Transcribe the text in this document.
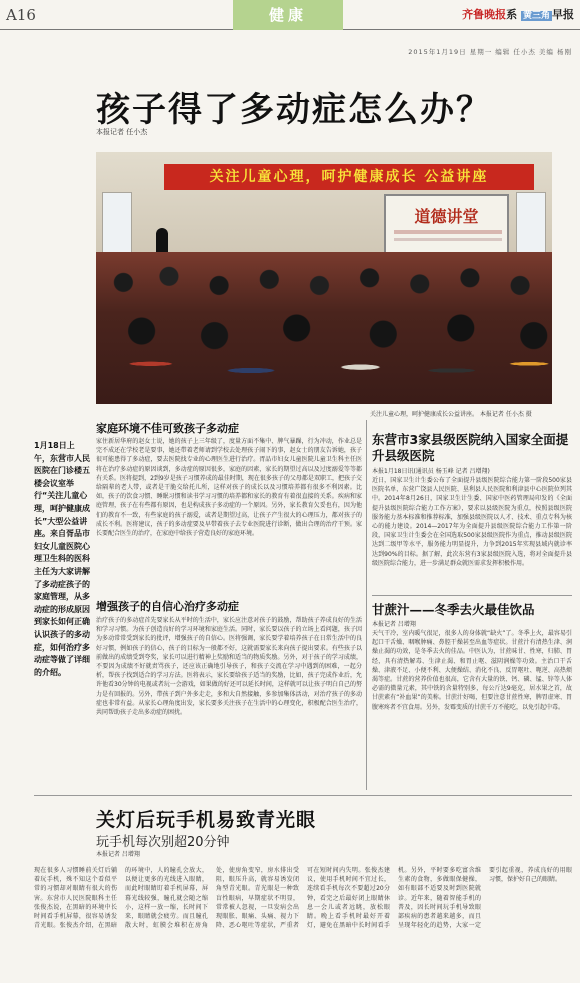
A16	健康	齐鲁晚报系 黄三角 早报
2015年1月19日 星期一 编辑 任小杰 美编 杨刚
孩子得了多动症怎么办？
本报记者 任小杰
关注儿童心理，呵护健康成长 公益讲座
道德讲堂
关注儿童心理，呵护健康成长公益讲座。 本报记者 任小杰 摄
1月18日上午，东营市人民医院在门诊楼五楼会议室举行“关注儿童心理，呵护健康成长”大型公益讲座。来自胥品市妇女儿童医院心理卫生科的医科主任为大家讲解了多动症孩子的家庭管理，从多动症的形成原因到家长如何正确认识孩子的多动症，如何治疗多动症等做了详细的介绍。
家庭环境不佳可致孩子多动症
家住新居华府的赵女士说，她的孩子上三年级了，度量方面不集中、脾气暴躁，行为冲动，作业总是完不成还在学校老是要事，她还带着老师请到学校去处理孩子闹下的事，赵女士的朋友告诉她，孩子很可能患得了多动症，要去医院找专业的心理医生进行治疗。胥品市妇女儿童医院儿童卫生科主任医将在治疗多动症的原因谈到，多动症的原因很多，家庭的因素，家长的期望过高以及过度溺爱等等都有关系。医将提到，2到9岁是孩子习惯养成的最佳时期，现在很多孩子的父母都是双职工，把孩子交给隔辈的老人带，或者是干脆交给托儿所，这样对孩子的成长以及习惯培养都有很多不利因素。比如，孩子的饮食习惯、睡眠习惯和读书学习习惯的培养都和家长的教育有着很直接的关系。疾病和家庭管理，孩子在有些都有原因，也是构成孩子多动症的一个原因。另外，家长教育欠妥也有，因为他们的教育不一致，有些家庭的孩子溺爱，或者是期望过高，让孩子产生很大的心理压力，都对孩子的成长不利。医将建议，孩子的多动症要及早带着孩子去专业医院进行诊断，做出合理的治疗干预。家长要配合医生的治疗，在家庭中给孩子营造良好的家庭环境。
增强孩子的自信心治疗多动症
治疗孩子的多动症首先要家长从平时的生活中，家长应注意对孩子的鼓励，帮助孩子养成良好的生活和学习习惯。为孩子创造良好的学习环境和家庭生活。同时，家长要以孩子的立场上看问题，孩子因为多动常常受到家长的批评，增强孩子的自信心。医将强调，家长要学着培养孩子在日常生活中的良好习惯，例如孩子的信心，孩子的目标为一般都不好，这就需要家长来向孩子提出要求。有些孩子以前做出的成绩受到夸奖，家长可以进行精神上奖励和适当的物质奖励。另外，对于孩子的学习成绩，不要因为成绩不好就责骂孩子，还应该正确地引导孩子，和孩子交流在学习中遇到的困难，一起分析，帮孩子找到适合的学习方法。医将表示，家长要给孩子适当的奖励，比如，孩子完成作业后，允许他看30分钟的电视或者玩一会游戏，如果做的好还可以延长时间，这样就可以让孩子明白自己的努力是有回报的。另外，带孩子到户外多走走，多和大自然接触，多参加集体活动，对治疗孩子的多动症也非常有益。从家长心理角度出发，家长要多关注孩子在生活中的心理变化，积极配合医生治疗，共同帮助孩子走出多动症的困扰。
东营市3家县级医院纳入国家全面提升县级医院
本报1月18日讯(通讯员 杨玉峰 记者 吕增翔)
近日，国家卫生计生委公布了全面提升县级医院综合能力第一阶段500家县医院名单，东营广饶县人民医院、垦利县人民医院和利津县中心医院位列其中。2014年8月26日，国家卫生计生委、国家中医药管理局印发的《全面提升县级医院综合能力工作方案》，要求以县级医院为重点，按照县级医院服务能力基本标准和推荐标准，加强县级医院以人才、技术、重点专科为核心的能力建设。2014—2017年为全面提升县级医院综合能力工作第一阶段，国家卫生计生委会在全国选取500家县级医院作为重点，推动县级医院达到二级甲等水平，服务能力明显提升，力争到2015年实现县域内就诊率达到90%的目标。据了解，此次东营有3家县级医院入选，将对全面提升县级医院综合能力，进一步满足群众就医需求发挥积极作用。
甘蔗汁——冬季去火最佳饮品
本报记者 吕增翔
天气干冷，室内暖气很足，很多人的身体就“缺火”了。冬季上火，最容易引起口干舌燥、咽喉肿痛、鼻腔干燥甚至出血等症状。甘蔗汁有清热生津、润燥止渴的功效，是冬季去火的佳品。中医认为，甘蔗味甘、性寒，归肺、胃经，具有清热解毒、生津止渴、和胃止呕、滋阴润燥等功效。主治口干舌燥、津液不足、小便不利、大便燥结、消化不良、反胃呕吐、呃逆、高热烦渴等症。甘蔗的营养价值也很高，它含有大量的铁、钙、磷、锰、锌等人体必需的微量元素，其中铁的含量特别多，每公斤达9毫克，居水果之首，故甘蔗素有“补血果”的美称。甘蔗汁好喝，但要注意甘蔗性寒，脾胃虚寒、胃腹寒疼者不宜食用。另外，发霉变质的甘蔗千万不能吃，以免引起中毒。
关灯后玩手机易致青光眼
玩手机每次别超20分钟
本报记者 吕增翔
现在很多人习惯睡前关灯后躺着玩手机，殊不知这个看似平常的习惯却对眼睛有很大的伤害。东营市人民医院眼科主任张俊杰说，在黑暗的环境中长时间看手机屏幕，很容易诱发青光眼。张俊杰介绍，在黑暗的环境中，人的瞳孔会放大，以便让更多的光线进入眼睛，而此时眼睛盯着手机屏幕，屏幕光线较强，瞳孔就会随之缩小，这样一放一缩，长时间下来，眼睛就会疲劳。而且瞳孔散大时，虹膜会堆积在房角处，使房角变窄，房水排出受阻，眼压升高，就容易诱发闭角型青光眼。青光眼是一种致盲性眼病，早期症状不明显，常常被人忽视，一旦发病会出现眼胀、眼痛、头痛、视力下降、恶心呕吐等症状，严重者可在短时间内失明。张俊杰建议，使用手机时间不宜过长，连续看手机每次不要超过20分钟，看完之后最好闭上眼睛休息一会儿或者远眺，放松眼睛。晚上看手机时最好开着灯，避免在黑暗中长时间看手机。另外，平时要多吃富含维生素的食物，多做眼保健操，如有眼部不适要及时到医院就诊。近年来，随着智能手机的普及，因长时间玩手机导致眼部疾病的患者越来越多，而且呈现年轻化的趋势，大家一定要引起重视，养成良好的用眼习惯，保护好自己的眼睛。
